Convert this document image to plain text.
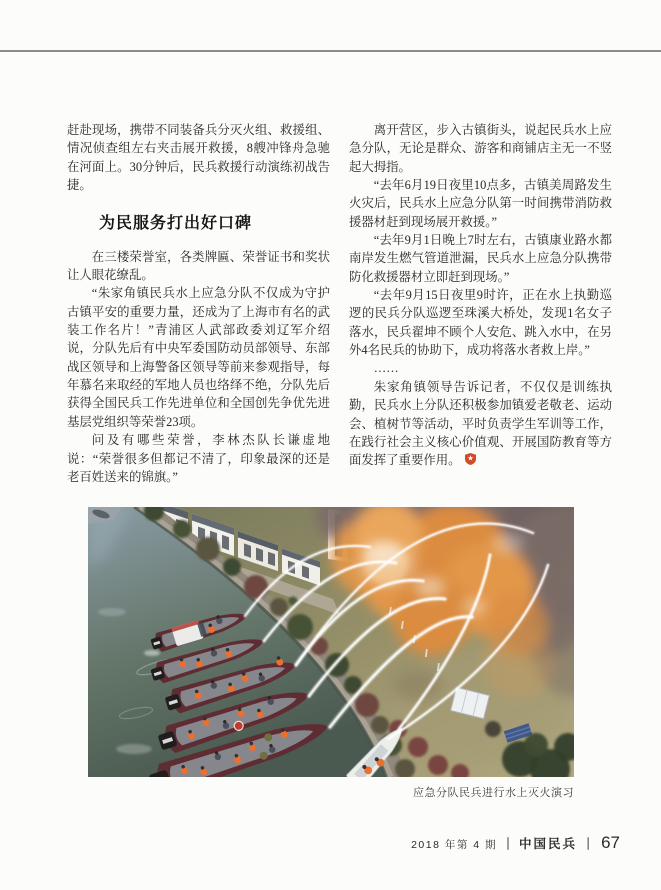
赶赴现场，携带不同装备兵分灭火组、救援组、情况侦查组左右夹击展开救援，8艘冲锋舟急驰在河面上。30分钟后，民兵救援行动演练初战告捷。

为民服务打出好口碑

在三楼荣誉室，各类牌匾、荣誉证书和奖状让人眼花缭乱。

“朱家角镇民兵水上应急分队不仅成为守护古镇平安的重要力量，还成为了上海市有名的武装工作名片！”青浦区人武部政委刘辽军介绍说，分队先后有中央军委国防动员部领导、东部战区领导和上海警备区领导等前来参观指导，每年慕名来取经的军地人员也络绎不绝，分队先后获得全国民兵工作先进单位和全国创先争优先进基层党组织等荣誉23项。

问及有哪些荣誉，李林杰队长谦虚地说：“荣誉很多但都记不清了，印象最深的还是老百姓送来的锦旗。”

离开营区，步入古镇街头，说起民兵水上应急分队，无论是群众、游客和商铺店主无一不竖起大拇指。

“去年6月19日夜里10点多，古镇美周路发生火灾后，民兵水上应急分队第一时间携带消防救援器材赶到现场展开救援。”

“去年9月1日晚上7时左右，古镇康业路水都南岸发生燃气管道泄漏，民兵水上应急分队携带防化救援器材立即赶到现场。”

“去年9月15日夜里9时许，正在水上执勤巡逻的民兵分队巡逻至珠溪大桥处，发现1名女子落水，民兵翟坤不顾个人安危、跳入水中，在另外4名民兵的协助下，成功将落水者救上岸。”

……

朱家角镇领导告诉记者，不仅仅是训练执勤，民兵水上分队还积极参加镇爱老敬老、运动会、植树节等活动，平时负责学生军训等工作，在践行社会主义核心价值观、开展国防教育等方面发挥了重要作用。

应急分队民兵进行水上灭火演习
2018 年第 4 期 ｜ 中国民兵 ｜ 67
